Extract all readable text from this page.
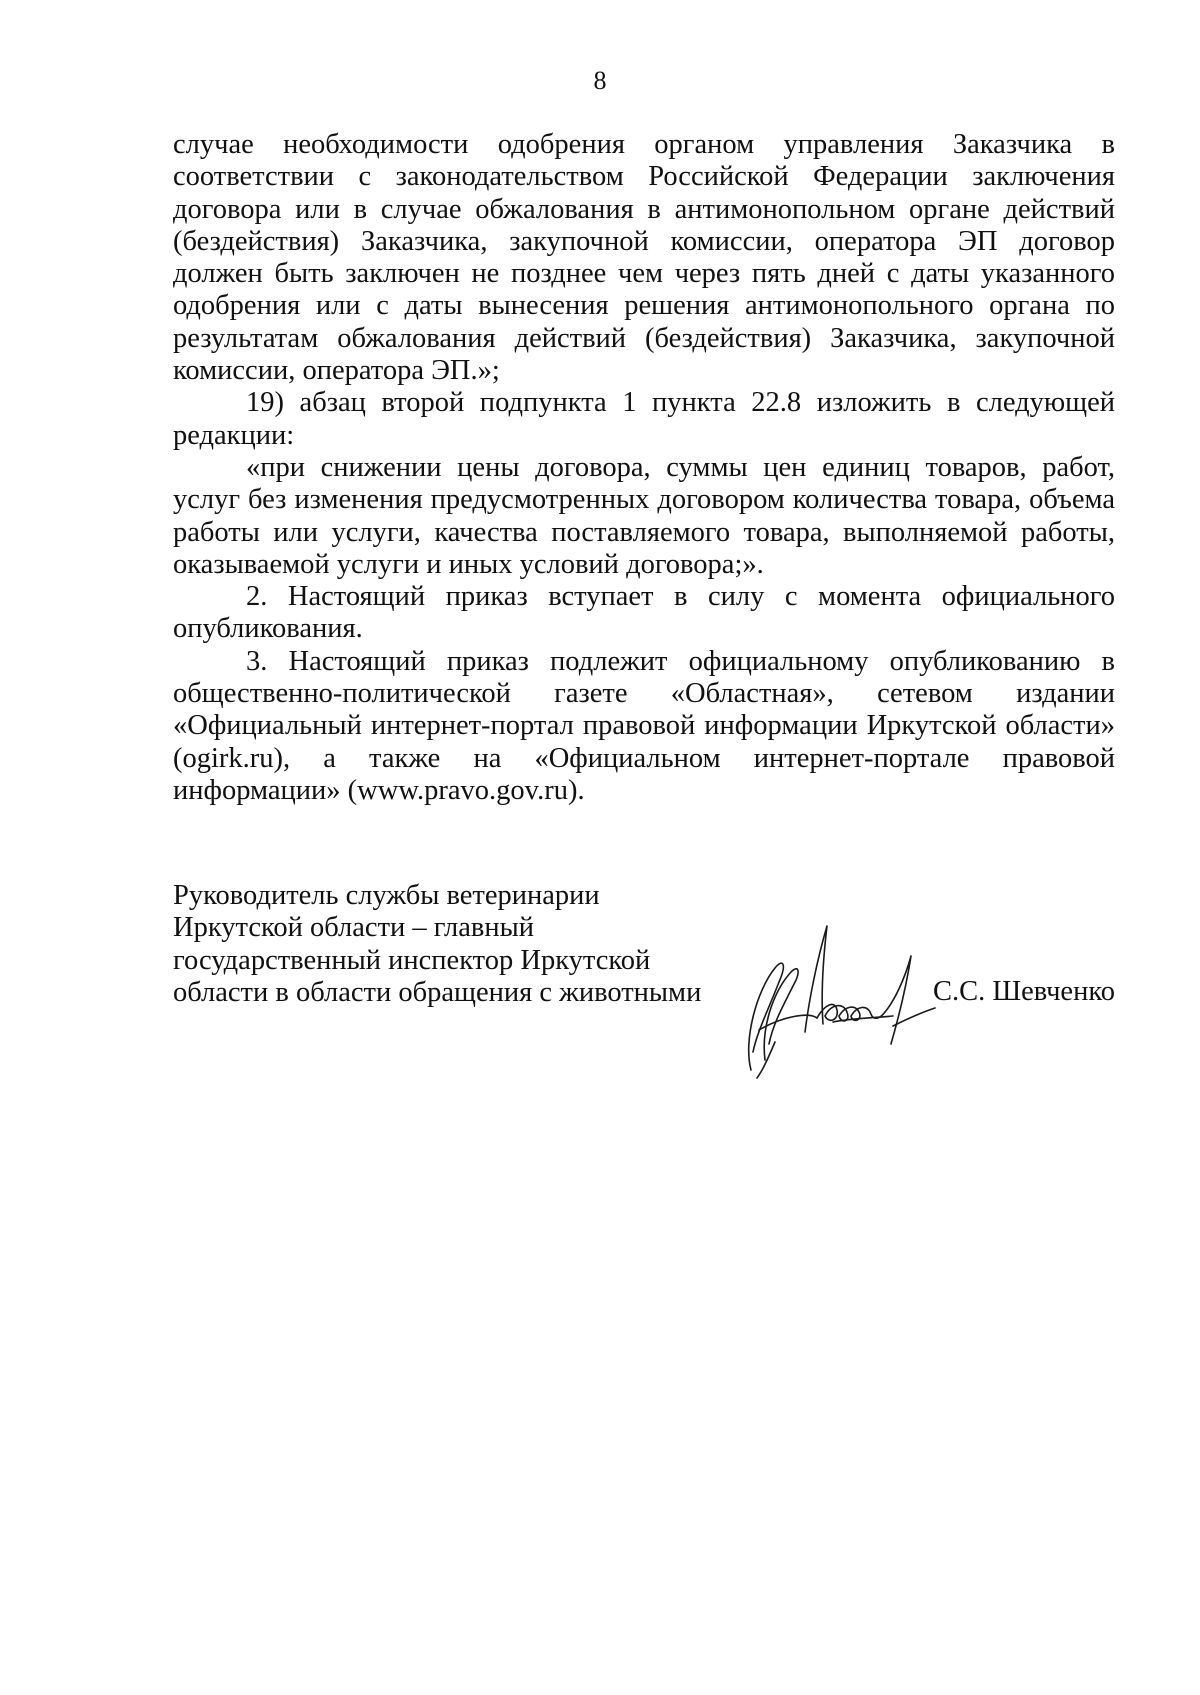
8

случае необходимости одобрения органом управления Заказчика в соответствии с законодательством Российской Федерации заключения договора или в случае обжалования в антимонопольном органе действий (бездействия) Заказчика, закупочной комиссии, оператора ЭП договор должен быть заключен не позднее чем через пять дней с даты указанного одобрения или с даты вынесения решения антимонопольного органа по результатам обжалования действий (бездействия) Заказчика, закупочной комиссии, оператора ЭП.»;

19) абзац второй подпункта 1 пункта 22.8 изложить в следующей редакции:

«при снижении цены договора, суммы цен единиц товаров, работ, услуг без изменения предусмотренных договором количества товара, объема работы или услуги, качества поставляемого товара, выполняемой работы, оказываемой услуги и иных условий договора;».

2. Настоящий приказ вступает в силу с момента официального опубликования.

3. Настоящий приказ подлежит официальному опубликованию в общественно-политической газете «Областная», сетевом издании «Официальный интернет-портал правовой информации Иркутской области» (ogirk.ru), а также на «Официальном интернет-портале правовой информации» (www.pravo.gov.ru).

Руководитель службы ветеринарии
Иркутской области – главный
государственный инспектор Иркутской
области в области обращения с животными	С.С. Шевченко
